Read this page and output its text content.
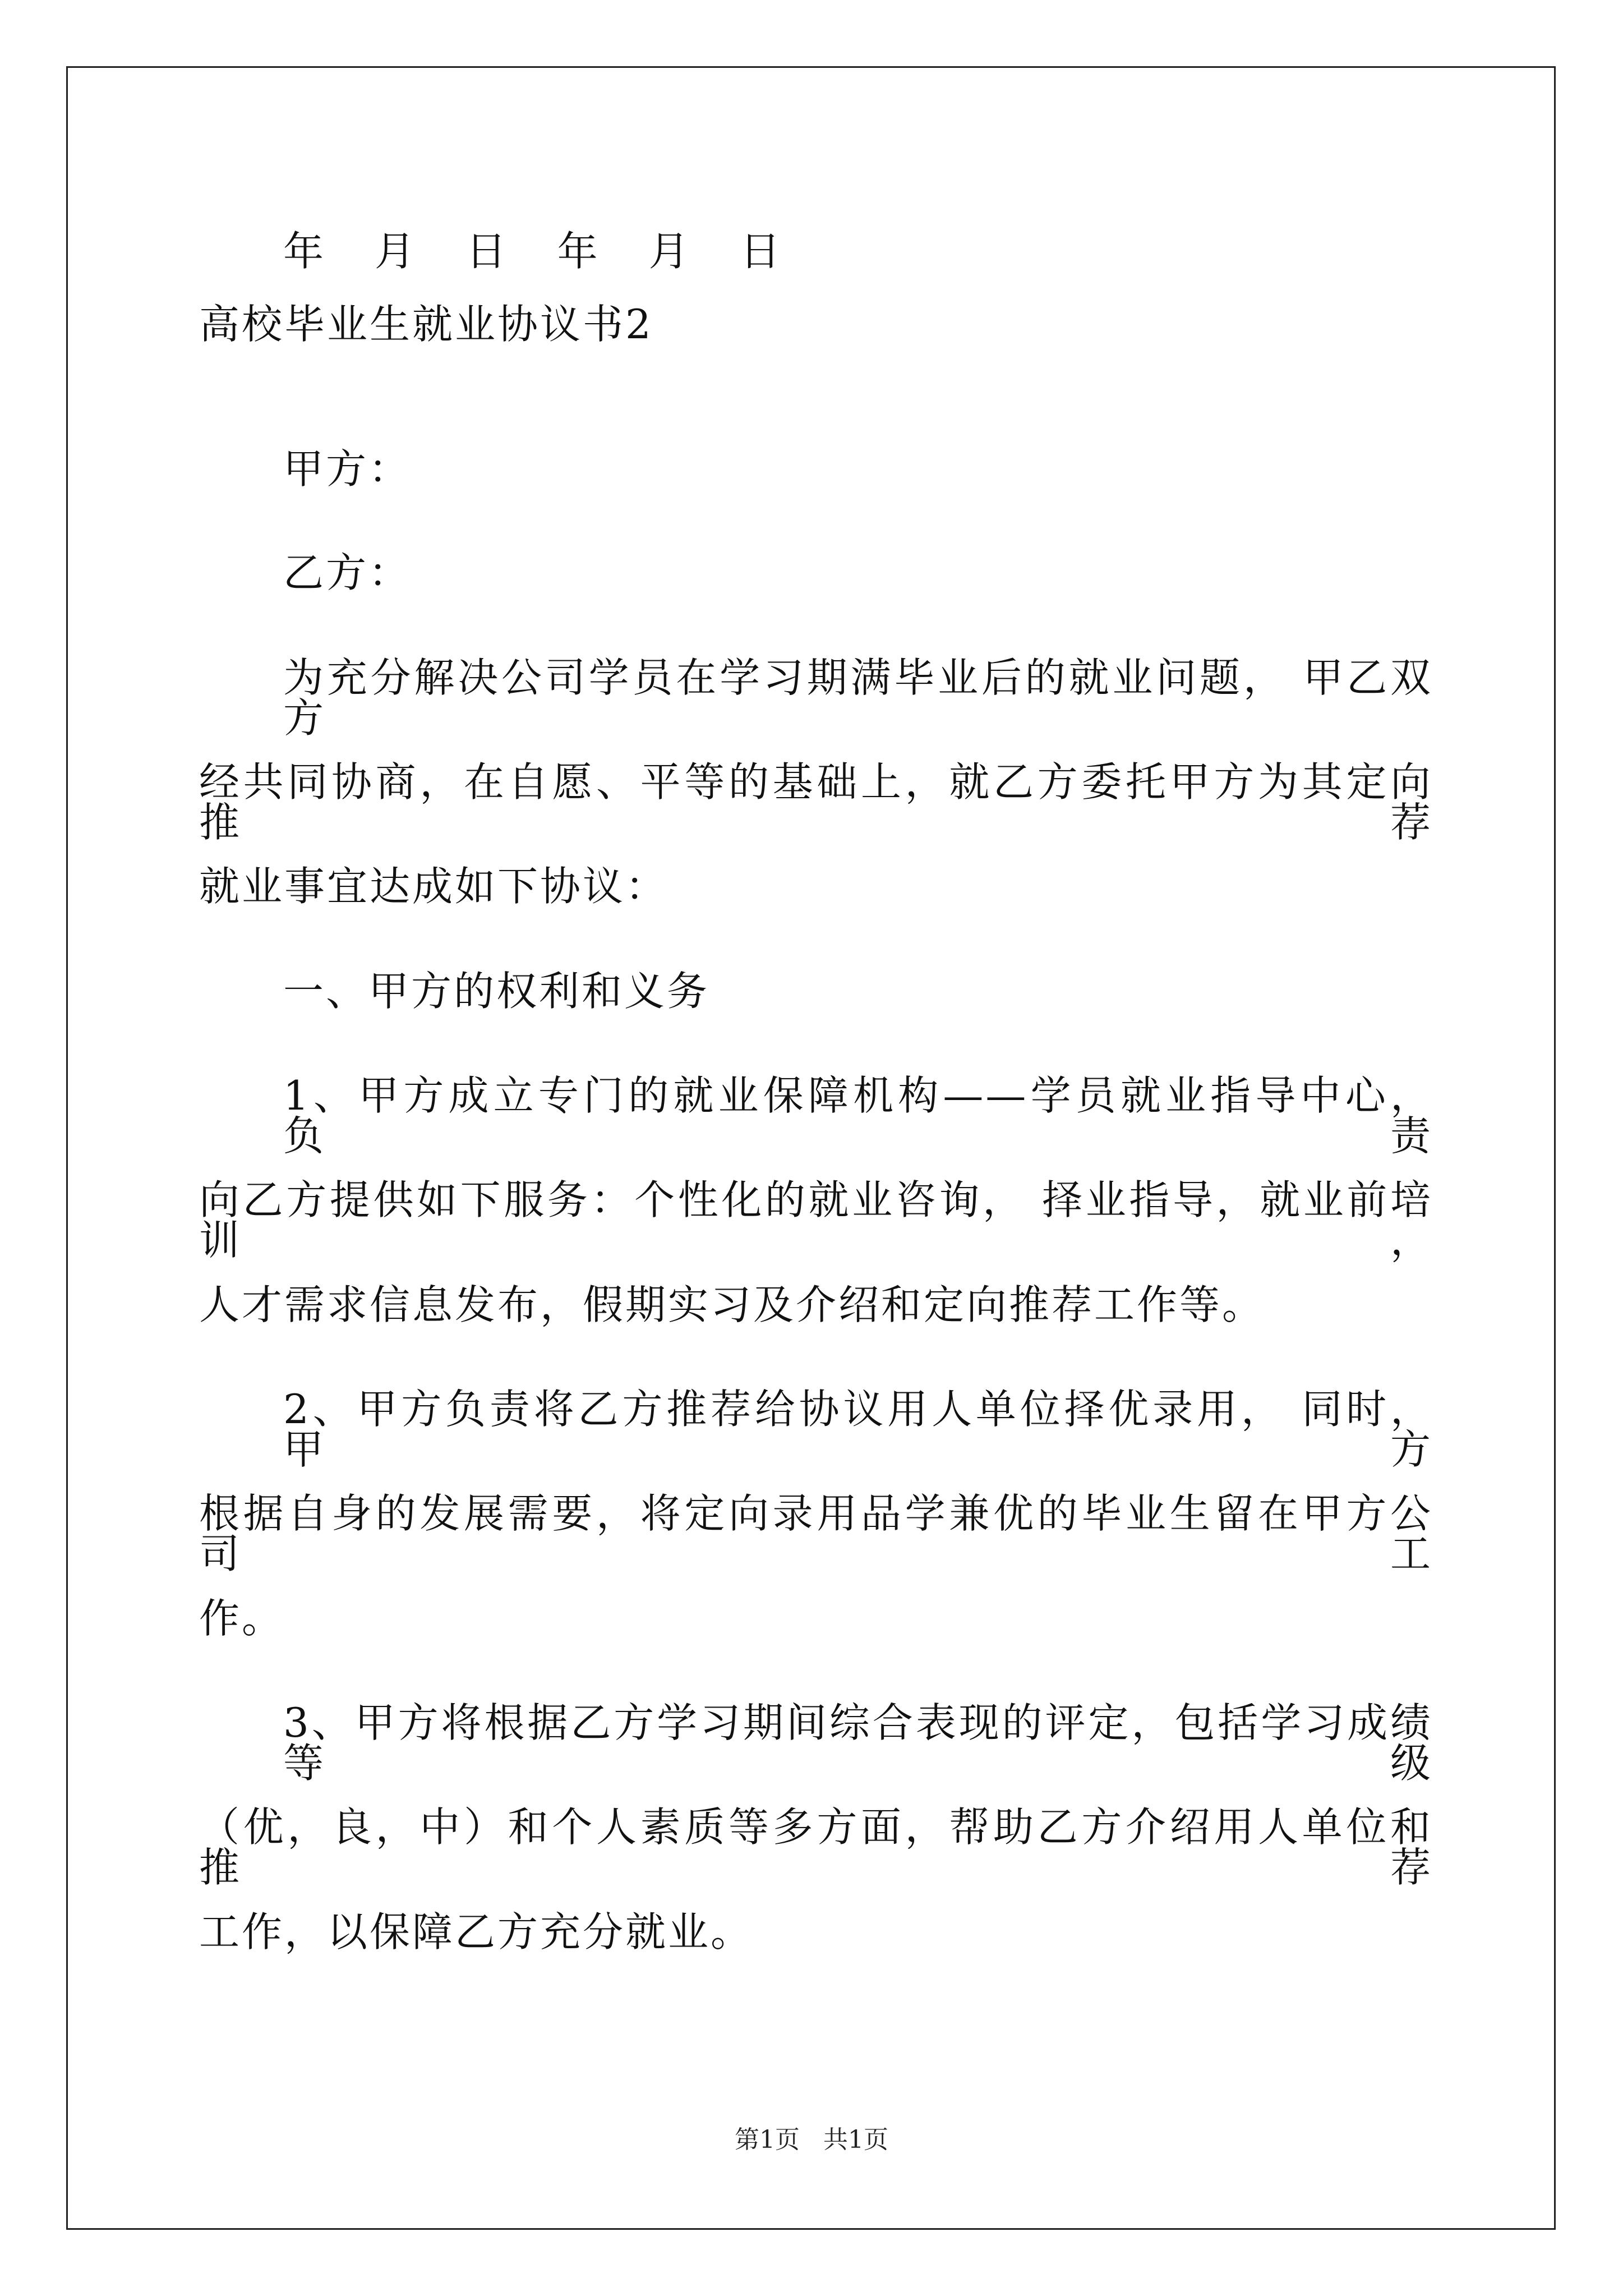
年 月 日 年 月 日
高校毕业生就业协议书2
甲方：
乙方：
为充分解决公司学员在学习期满毕业后的就业问题， 甲乙双方
经共同协商，在自愿、平等的基础上，就乙方委托甲方为其定向推荐
就业事宜达成如下协议：
一、甲方的权利和义务
1、甲方成立专门的就业保障机构——学员就业指导中心， 负责
向乙方提供如下服务：个性化的就业咨询， 择业指导，就业前培训，
人才需求信息发布，假期实习及介绍和定向推荐工作等。
2、甲方负责将乙方推荐给协议用人单位择优录用， 同时，甲方
根据自身的发展需要，将定向录用品学兼优的毕业生留在甲方公司工
作。
3、甲方将根据乙方学习期间综合表现的评定，包括学习成绩等级
（优，良，中）和个人素质等多方面，帮助乙方介绍用人单位和推荐
工作，以保障乙方充分就业。
第1页 共1页
